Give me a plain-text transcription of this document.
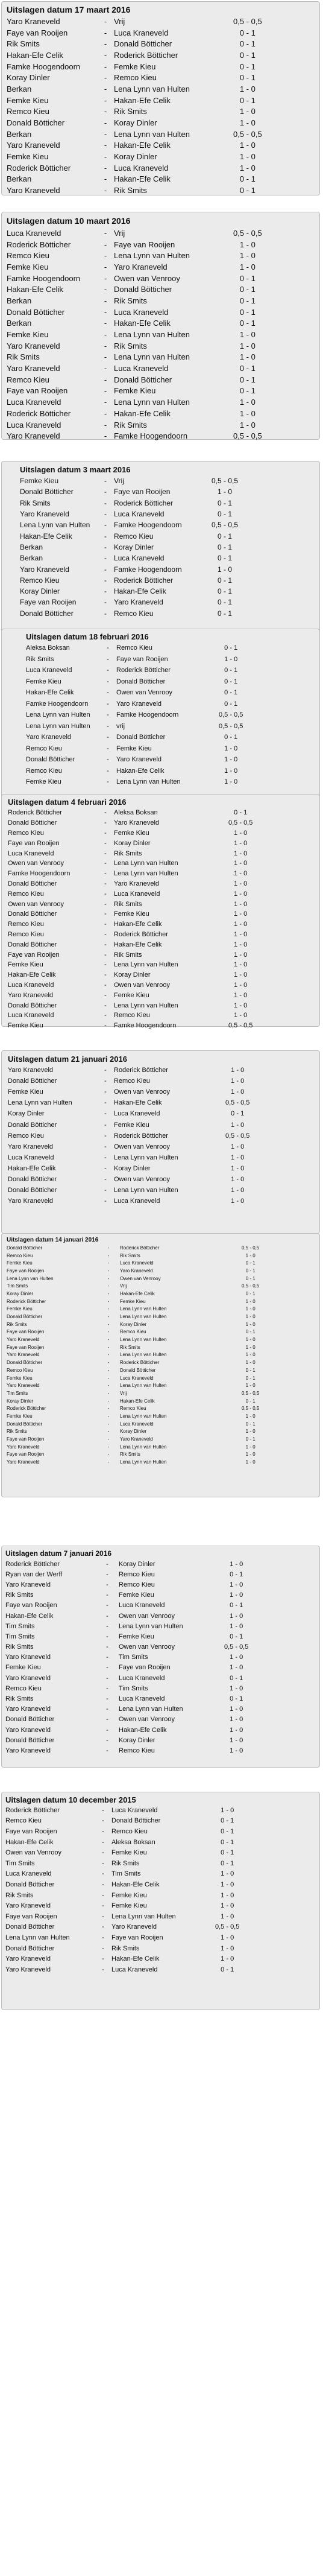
Uitslagen datum 17 maart 2016
Yaro Kraneveld	-	Vrij	0,5 - 0,5
Faye van Rooijen	-	Luca Kraneveld	0 - 1
Rik Smits	-	Donald Bötticher	0 - 1
Hakan-Efe Celik	-	Roderick Bötticher	0 - 1
Famke Hoogendoorn	-	Femke Kieu	0 - 1
Koray Dinler	-	Remco Kieu	0 - 1
Berkan	-	Lena Lynn van Hulten	1 - 0
Femke Kieu	-	Hakan-Efe Celik	0 - 1
Remco Kieu	-	Rik Smits	1 - 0
Donald Bötticher	-	Koray Dinler	1 - 0
Berkan	-	Lena Lynn van Hulten	0,5 - 0,5
Yaro Kraneveld	-	Hakan-Efe Celik	1 - 0
Femke Kieu	-	Koray Dinler	1 - 0
Roderick Bötticher	-	Luca Kraneveld	1 - 0
Berkan	-	Hakan-Efe Celik	0 - 1
Yaro Kraneveld	-	Rik Smits	0 - 1
Uitslagen datum 10 maart 2016
Luca Kraneveld	-	Vrij	0,5 - 0,5
Roderick Bötticher	-	Faye van Rooijen	1 - 0
Remco Kieu	-	Lena Lynn van Hulten	1 - 0
Femke Kieu	-	Yaro Kraneveld	1 - 0
Famke Hoogendoorn	-	Owen van Venrooy	0 - 1
Hakan-Efe Celik	-	Donald Bötticher	0 - 1
Berkan	-	Rik Smits	0 - 1
Donald Bötticher	-	Luca Kraneveld	0 - 1
Berkan	-	Hakan-Efe Celik	0 - 1
Femke Kieu	-	Lena Lynn van Hulten	1 - 0
Yaro Kraneveld	-	Rik Smits	1 - 0
Rik Smits	-	Lena Lynn van Hulten	1 - 0
Yaro Kraneveld	-	Luca Kraneveld	0 - 1
Remco Kieu	-	Donald Bötticher	0 - 1
Faye van Rooijen	-	Femke Kieu	0 - 1
Luca Kraneveld	-	Lena Lynn van Hulten	1 - 0
Roderick Bötticher	-	Hakan-Efe Celik	1 - 0
Luca Kraneveld	-	Rik Smits	1 - 0
Yaro Kraneveld	-	Famke Hoogendoorn	0,5 - 0,5
Uitslagen datum 3 maart 2016
Femke Kieu	-	Vrij	0,5 - 0,5
Donald Bötticher	-	Faye van Rooijen	1 - 0
Rik Smits	-	Roderick Bötticher	0 - 1
Yaro Kraneveld	-	Luca Kraneveld	0 - 1
Lena Lynn van Hulten	-	Famke Hoogendoorn	0,5 - 0,5
Hakan-Efe Celik	-	Remco Kieu	0 - 1
Berkan	-	Koray Dinler	0 - 1
Berkan	-	Luca Kraneveld	0 - 1
Yaro Kraneveld	-	Famke Hoogendoorn	1 - 0
Remco Kieu	-	Roderick Bötticher	0 - 1
Koray Dinler	-	Hakan-Efe Celik	0 - 1
Faye van Rooijen	-	Yaro Kraneveld	0 - 1
Donald Bötticher	-	Remco Kieu	0 - 1
Uitslagen datum 18 februari 2016
Aleksa Boksan	-	Remco Kieu	0 - 1
Rik Smits	-	Faye van Rooijen	1 - 0
Luca Kraneveld	-	Roderick Bötticher	0 - 1
Femke Kieu	-	Donald Bötticher	0 - 1
Hakan-Efe Celik	-	Owen van Venrooy	0 - 1
Famke Hoogendoorn	-	Yaro Kraneveld	0 - 1
Lena Lynn van Hulten	-	Famke Hoogendoorn	0,5 - 0,5
Lena Lynn van Hulten	-	vrij	0,5 - 0,5
Yaro Kraneveld	-	Donald Bötticher	0 - 1
Remco Kieu	-	Femke Kieu	1 - 0
Donald Bötticher	-	Yaro Kraneveld	1 - 0
Remco Kieu	-	Hakan-Efe Celik	1 - 0
Femke Kieu	-	Lena Lynn van Hulten	1 - 0
Uitslagen datum 4 februari 2016
Roderick Bötticher	-	Aleksa Boksan	0 - 1
Donald Bötticher	-	Yaro Kraneveld	0,5 - 0,5
Remco Kieu	-	Femke Kieu	1 - 0
Faye van Rooijen	-	Koray Dinler	1 - 0
Luca Kraneveld	-	Rik Smits	1 - 0
Owen van Venrooy	-	Lena Lynn van Hulten	1 - 0
Famke Hoogendoorn	-	Lena Lynn van Hulten	1 - 0
Donald Bötticher	-	Yaro Kraneveld	1 - 0
Remco Kieu	-	Luca Kraneveld	1 - 0
Owen van Venrooy	-	Rik Smits	1 - 0
Donald Bötticher	-	Femke Kieu	1 - 0
Remco Kieu	-	Hakan-Efe Celik	1 - 0
Remco Kieu	-	Roderick Bötticher	1 - 0
Donald Bötticher	-	Hakan-Efe Celik	1 - 0
Faye van Rooijen	-	Rik Smits	1 - 0
Femke Kieu	-	Lena Lynn van Hulten	1 - 0
Hakan-Efe Celik	-	Koray Dinler	1 - 0
Luca Kraneveld	-	Owen van Venrooy	1 - 0
Yaro Kraneveld	-	Femke Kieu	1 - 0
Donald Bötticher	-	Lena Lynn van Hulten	1 - 0
Luca Kraneveld	-	Remco Kieu	1 - 0
Femke Kieu	-	Famke Hoogendoorn	0,5 - 0,5
Uitslagen datum 21 januari 2016
Yaro Kraneveld	-	Roderick Bötticher	1 - 0
Donald Bötticher	-	Remco Kieu	1 - 0
Femke Kieu	-	Owen van Venrooy	1 - 0
Lena Lynn van Hulten	-	Hakan-Efe Celik	0,5 - 0,5
Koray Dinler	-	Luca Kraneveld	0 - 1
Donald Bötticher	-	Femke Kieu	1 - 0
Remco Kieu	-	Roderick Bötticher	0,5 - 0,5
Yaro Kraneveld	-	Owen van Venrooy	1 - 0
Luca Kraneveld	-	Lena Lynn van Hulten	1 - 0
Hakan-Efe Celik	-	Koray Dinler	1 - 0
Donald Bötticher	-	Owen van Venrooy	1 - 0
Donald Bötticher	-	Lena Lynn van Hulten	1 - 0
Yaro Kraneveld	-	Luca Kraneveld	1 - 0
Uitslagen datum 14 januari 2016
Donald Bötticher	-	Roderick Bötticher	0,5 - 0,5
Remco Kieu	-	Rik Smits	1 - 0
Femke Kieu	-	Luca Kraneveld	0 - 1
Faye van Rooijen	-	Yaro Kraneveld	0 - 1
Lena Lynn van Hulten	-	Owen van Venrooy	0 - 1
Tim Smits	-	Vrij	0,5 - 0,5
Koray Dinler	-	Hakan-Efe Celik	0 - 1
Roderick Bötticher	-	Femke Kieu	1 - 0
Femke Kieu	-	Lena Lynn van Hulten	1 - 0
Donald Bötticher	-	Lena Lynn van Hulten	1 - 0
Rik Smits	-	Koray Dinler	1 - 0
Faye van Rooijen	-	Remco Kieu	0 - 1
Yaro Kraneveld	-	Lena Lynn van Hulten	1 - 0
Faye van Rooijen	-	Rik Smits	1 - 0
Yaro Kraneveld	-	Lena Lynn van Hulten	1 - 0
Donald Bötticher	-	Roderick Bötticher	1 - 0
Remco Kieu	-	Donald Bötticher	0 - 1
Femke Kieu	-	Luca Kraneveld	0 - 1
Yaro Kraneveld	-	Lena Lynn van Hulten	1 - 0
Tim Smits	-	Vrij	0,5 - 0,5
Koray Dinler	-	Hakan-Efe Celik	0 - 1
Roderick Bötticher	-	Remco Kieu	0,5 - 0,5
Femke Kieu	-	Lena Lynn van Hulten	1 - 0
Donald Bötticher	-	Luca Kraneveld	0 - 1
Rik Smits	-	Koray Dinler	1 - 0
Faye van Rooijen	-	Yaro Kraneveld	0 - 1
Yaro Kraneveld	-	Lena Lynn van Hulten	1 - 0
Faye van Rooijen	-	Rik Smits	1 - 0
Yaro Kraneveld	-	Lena Lynn van Hulten	1 - 0
Uitslagen datum 7 januari 2016
Roderick Bötticher	-	Koray Dinler	1 - 0
Ryan van der Werff	-	Remco Kieu	0 - 1
Yaro Kraneveld	-	Remco Kieu	1 - 0
Rik Smits	-	Femke Kieu	1 - 0
Faye van Rooijen	-	Luca Kraneveld	0 - 1
Hakan-Efe Celik	-	Owen van Venrooy	1 - 0
Tim Smits	-	Lena Lynn van Hulten	1 - 0
Tim Smits	-	Femke Kieu	0 - 1
Rik Smits	-	Owen van Venrooy	0,5 - 0,5
Yaro Kraneveld	-	Tim Smits	1 - 0
Femke Kieu	-	Faye van Rooijen	1 - 0
Yaro Kraneveld	-	Luca Kraneveld	0 - 1
Remco Kieu	-	Tim Smits	1 - 0
Rik Smits	-	Luca Kraneveld	0 - 1
Yaro Kraneveld	-	Lena Lynn van Hulten	1 - 0
Donald Bötticher	-	Owen van Venrooy	1 - 0
Yaro Kraneveld	-	Hakan-Efe Celik	1 - 0
Donald Bötticher	-	Koray Dinler	1 - 0
Yaro Kraneveld	-	Remco Kieu	1 - 0
Uitslagen datum 10 december 2015
Roderick Bötticher	-	Luca Kraneveld	1 - 0
Remco Kieu	-	Donald Bötticher	0 - 1
Faye van Rooijen	-	Remco Kieu	0 - 1
Hakan-Efe Celik	-	Aleksa Boksan	0 - 1
Owen van Venrooy	-	Femke Kieu	0 - 1
Tim Smits	-	Rik Smits	0 - 1
Luca Kraneveld	-	Tim Smits	1 - 0
Donald Bötticher	-	Hakan-Efe Celik	1 - 0
Rik Smits	-	Femke Kieu	1 - 0
Yaro Kraneveld	-	Femke Kieu	1 - 0
Faye van Rooijen	-	Lena Lynn van Hulten	1 - 0
Donald Bötticher	-	Yaro Kraneveld	0,5 - 0,5
Lena Lynn van Hulten	-	Faye van Rooijen	1 - 0
Donald Bötticher	-	Rik Smits	1 - 0
Yaro Kraneveld	-	Hakan-Efe Celik	1 - 0
Yaro Kraneveld	-	Luca Kraneveld	0 - 1
